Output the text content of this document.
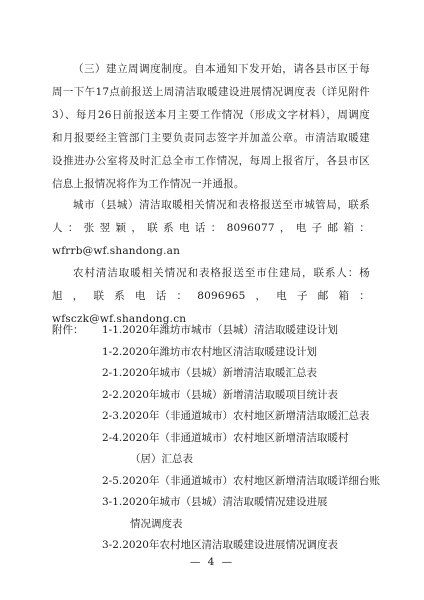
（三）建立周调度制度。自本通知下发开始，请各县市区于每周一下午17点前报送上周清洁取暖建设进展情况调度表（详见附件3）、每月26日前报送本月主要工作情况（形成文字材料），周调度和月报要经主管部门主要负责同志签字并加盖公章。市清洁取暖建设推进办公室将及时汇总全市工作情况，每周上报省厅，各县市区信息上报情况将作为工作情况一并通报。
城市（县城）清洁取暖相关情况和表格报送至市城管局，联系人：张翌颖，联系电话：8096077，电子邮箱：wfrrb@wf.shandong.an
农村清洁取暖相关情况和表格报送至市住建局，联系人：杨旭，联系电话：8096965，电子邮箱：wfsczk@wf.shandong.cn
附件： 1-1.2020年潍坊市城市（县城）清洁取暖建设计划
1-2.2020年潍坊市农村地区清洁取暖建设计划
2-1.2020年城市（县城）新增清洁取暖汇总表
2-2.2020年城市（县城）新增清洁取暖项目统计表
2-3.2020年（非通道城市）农村地区新增清洁取暖汇总表
2-4.2020年（非通道城市）农村地区新增清洁取暖村
（居）汇总表
2-5.2020年（非通道城市）农村地区新增清洁取暖详细台账
3-1.2020年城市（县城）清洁取暖情况建设进展
情况调度表
3-2.2020年农村地区清洁取暖建设进展情况调度表
— 4 —
